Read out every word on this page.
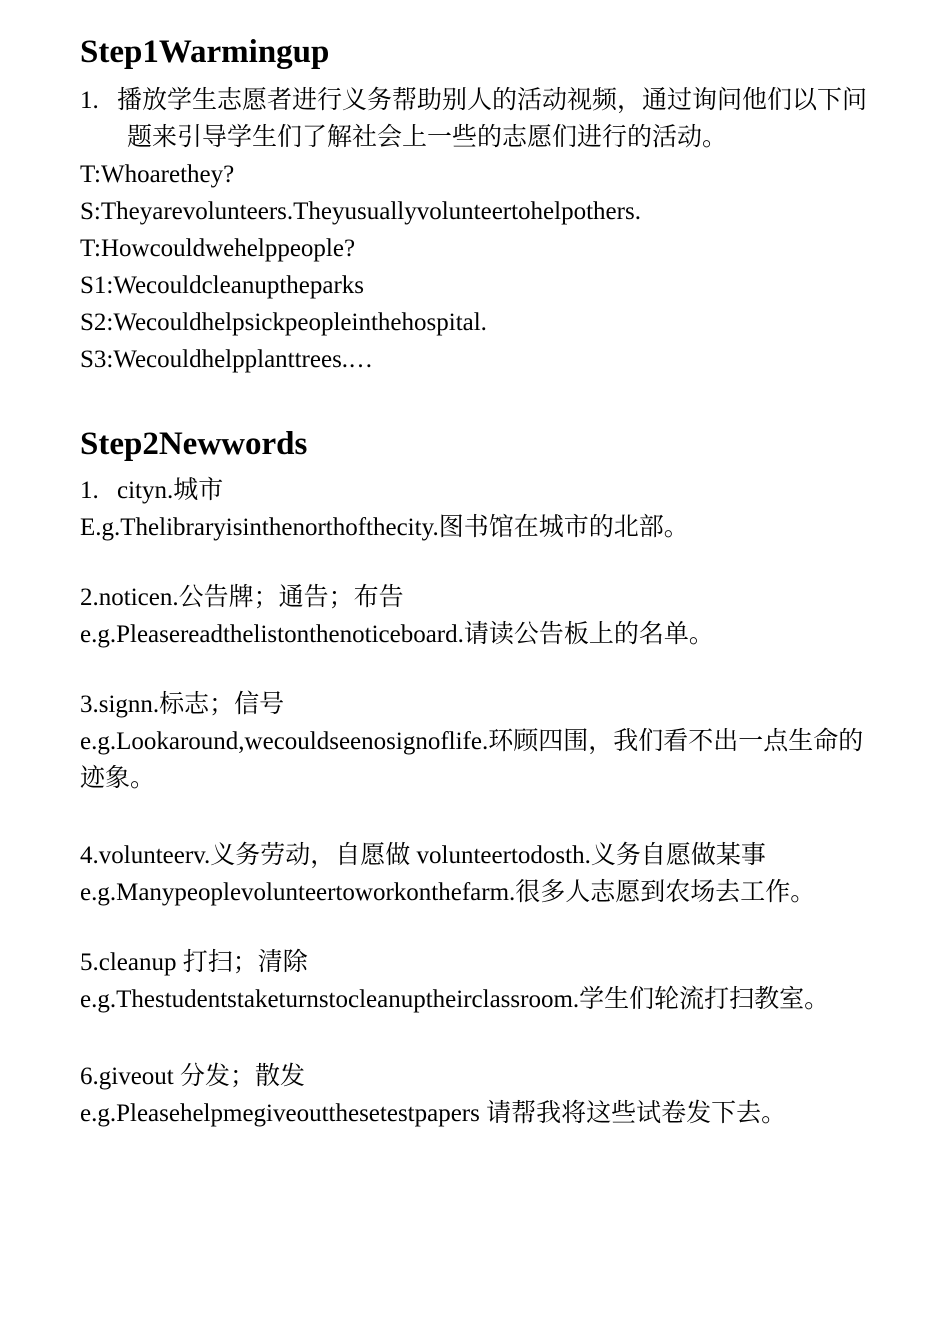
Step1Warmingup

1. 播放学生志愿者进行义务帮助别人的活动视频，通过询问他们以下问题来引导学生们了解社会上一些的志愿们进行的活动。

T:Whoarethey?

S:Theyarevolunteers.Theyusuallyvolunteertohelpothers.

T:Howcouldwehelppeople?

S1:Wecouldcleanuptheparks

S2:Wecouldhelpsickpeopleinthehospital.

S3:Wecouldhelpplanttrees.…

Step2Newwords

1. cityn.城市

E.g.Thelibraryisinthenorthofthecity.图书馆在城市的北部。

2.noticen.公告牌；通告；布告

e.g.Pleasereadthelistonthenoticeboard.请读公告板上的名单。

3.signn.标志；信号

e.g.Lookaround,wecouldseenosignoflife.环顾四围，我们看不出一点生命的迹象。

4.volunteerv.义务劳动，自愿做 volunteertodosth.义务自愿做某事

e.g.Manypeoplevolunteertoworkonthefarm.很多人志愿到农场去工作。

5.cleanup 打扫；清除

e.g.Thestudentstaketurnstocleanuptheirclassroom.学生们轮流打扫教室。

6.giveout 分发；散发

e.g.Pleasehelpmegiveoutthesetestpapers 请帮我将这些试卷发下去。
